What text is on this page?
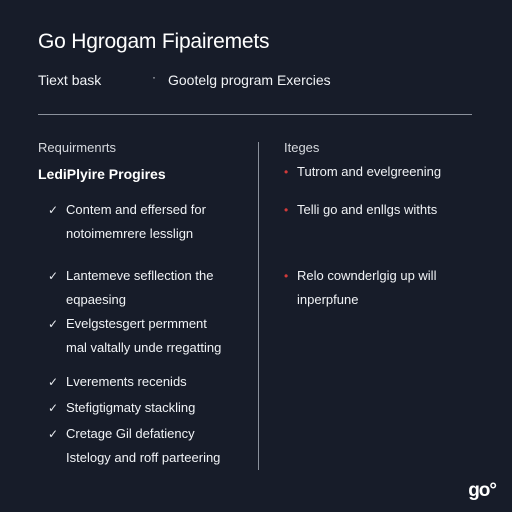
Go Hgrogam Fipairemets
Tiext bask	· Gootelg program Exercies
Requirmenrts	Iteges
LediPlyire Progires
✓ Contem and effersed for
notoimemrere lesslign
✓ Lantemeve sefllection the
eqpaesing
✓ Evelgstesgert permment
mal valtally unde rregatting
✓ Lverements recenids
✓ Stefigtigmaty stackling
✓ Cretage Gil defatiency
Istelogy and roff parteering
• Tutrom and evelgreening
• Telli go and enllgs withts
• Relo cownderlgig up will
inperpfune
go°
